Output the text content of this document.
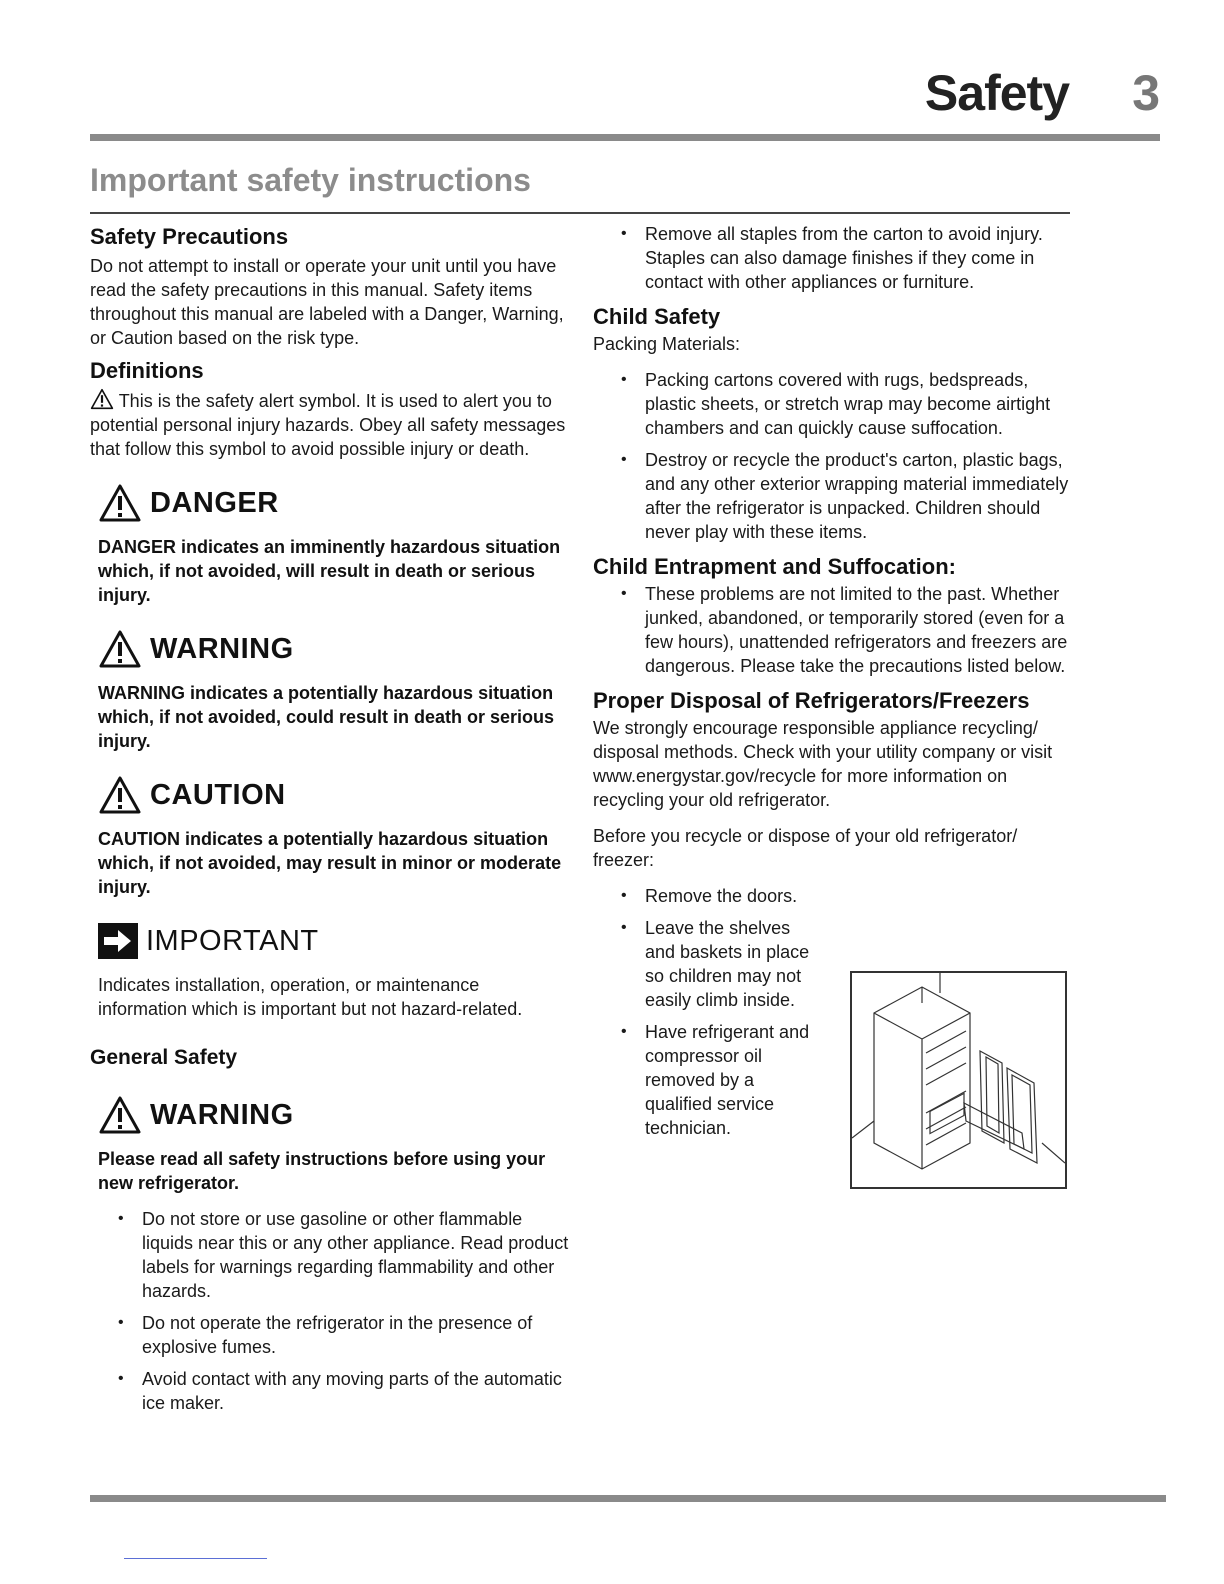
Safety 3
Important safety instructions
Safety Precautions

Do not attempt to install or operate your unit until you have read the safety precautions in this manual. Safety items throughout this manual are labeled with a Danger, Warning, or Caution based on the risk type.

Definitions

This is the safety alert symbol. It is used to alert you to potential personal injury hazards. Obey all safety messages that follow this symbol to avoid possible injury or death.

DANGER

DANGER indicates an imminently hazardous situation which, if not avoided, will result in death or serious injury.

WARNING

WARNING indicates a potentially hazardous situation which, if not avoided, could result in death or serious injury.

CAUTION

CAUTION indicates a potentially hazardous situation which, if not avoided, may result in minor or moderate injury.

IMPORTANT

Indicates installation, operation, or maintenance information which is important but not hazard-related.

General Safety
WARNING

Please read all safety instructions before using your new refrigerator.

• Do not store or use gasoline or other flammable liquids near this or any other appliance. Read product labels for warnings regarding flammability and other hazards.
• Do not operate the refrigerator in the presence of explosive fumes.
• Avoid contact with any moving parts of the automatic ice maker.
• Remove all staples from the carton to avoid injury. Staples can also damage finishes if they come in contact with other appliances or furniture.
Child Safety

Packing Materials:

• Packing cartons covered with rugs, bedspreads, plastic sheets, or stretch wrap may become airtight chambers and can quickly cause suffocation.
• Destroy or recycle the product's carton, plastic bags, and any other exterior wrapping material immediately after the refrigerator is unpacked. Children should never play with these items.
Child Entrapment and Suffocation:
• These problems are not limited to the past. Whether junked, abandoned, or temporarily stored (even for a few hours), unattended refrigerators and freezers are dangerous. Please take the precautions listed below.
Proper Disposal of Refrigerators/Freezers

We strongly encourage responsible appliance recycling/ disposal methods. Check with your utility company or visit www.energystar.gov/recycle for more information on recycling your old refrigerator.

Before you recycle or dispose of your old refrigerator/ freezer:

• Remove the doors.
• Leave the shelves and baskets in place so children may not easily climb inside.
• Have refrigerant and compressor oil removed by a qualified service technician.
